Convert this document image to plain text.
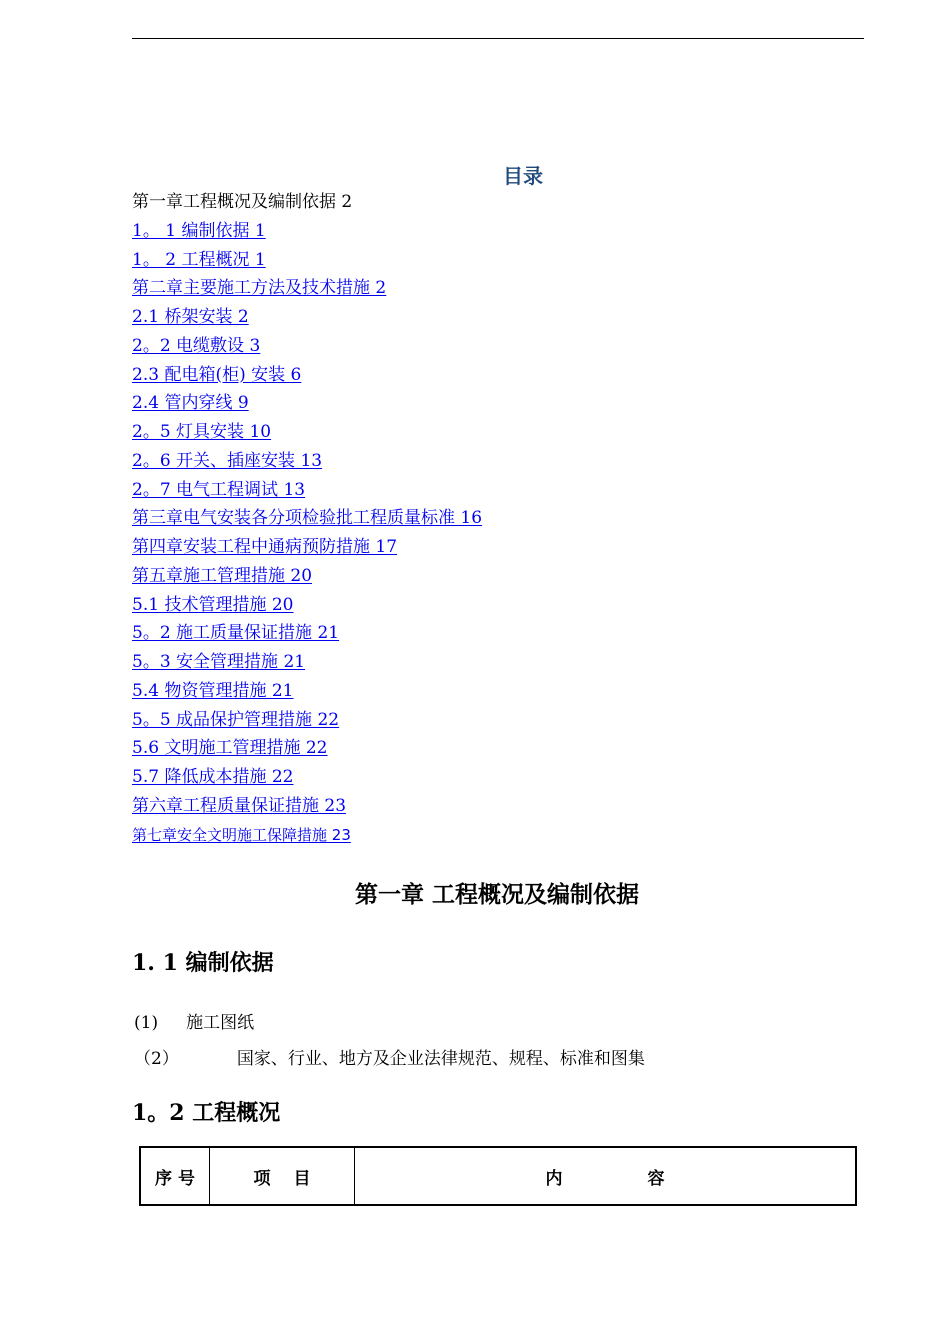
目录
第一章工程概况及编制依据 2
1。 1 编制依据 1
1。 2 工程概况 1
第二章主要施工方法及技术措施 2
2.1 桥架安装 2
2。2 电缆敷设 3
2.3 配电箱(柜) 安装 6
2.4 管内穿线 9
2。5 灯具安装 10
2。6 开关、插座安装 13
2。7 电气工程调试 13
第三章电气安装各分项检验批工程质量标准 16
第四章安装工程中通病预防措施 17
第五章施工管理措施 20
5.1 技术管理措施 20
5。2 施工质量保证措施 21
5。3 安全管理措施 21
5.4 物资管理措施 21
5。5 成品保护管理措施 22
5.6 文明施工管理措施 22
5.7 降低成本措施 22
第六章工程质量保证措施 23
第七章安全文明施工保障措施 23
第一章 工程概况及编制依据
1. 1 编制依据
(1) 施工图纸
（2）	国家、行业、地方及企业法律规范、规程、标准和图集
1。2 工程概况
序 号	项　 目	内　　　　　容
